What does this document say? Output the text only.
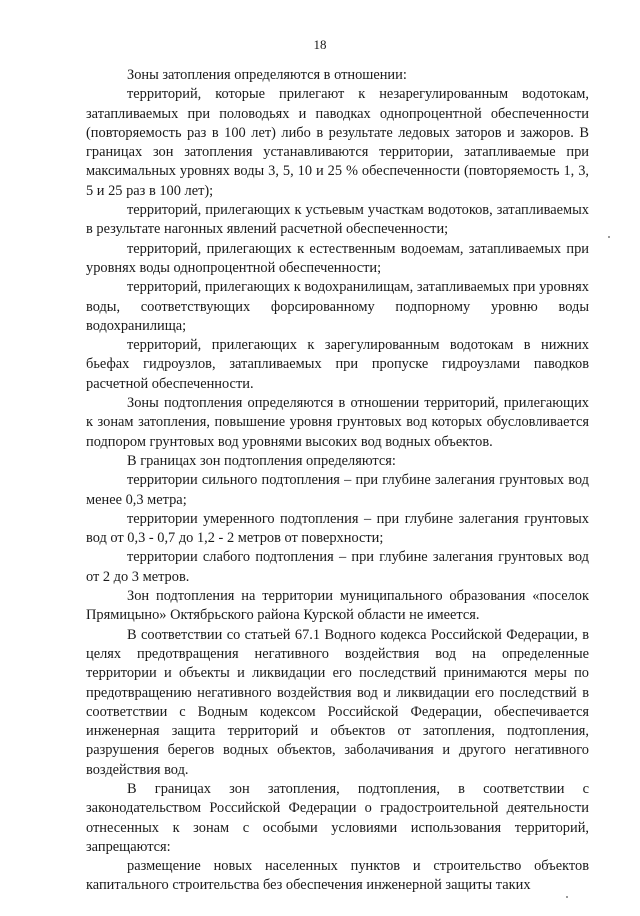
18

Зоны затопления определяются в отношении:

территорий, которые прилегают к незарегулированным водотокам, затапливаемых при половодьях и паводках однопроцентной обеспеченности (повторяемость раз в 100 лет) либо в результате ледовых заторов и зажоров. В границах зон затопления устанавливаются территории, затапливаемые при максимальных уровнях воды 3, 5, 10 и 25 % обеспеченности (повторяемость 1, 3, 5 и 25 раз в 100 лет);

территорий, прилегающих к устьевым участкам водотоков, затапливаемых в результате нагонных явлений расчетной обеспеченности;

территорий, прилегающих к естественным водоемам, затапливаемых при уровнях воды однопроцентной обеспеченности;

территорий, прилегающих к водохранилищам, затапливаемых при уровнях воды, соответствующих форсированному подпорному уровню воды водохранилища;

территорий, прилегающих к зарегулированным водотокам в нижних бьефах гидроузлов, затапливаемых при пропуске гидроузлами паводков расчетной обеспеченности.

Зоны подтопления определяются в отношении территорий, прилегающих к зонам затопления, повышение уровня грунтовых вод которых обусловливается подпором грунтовых вод уровнями высоких вод водных объектов.

В границах зон подтопления определяются:

территории сильного подтопления – при глубине залегания грунтовых вод менее 0,3 метра;

территории умеренного подтопления – при глубине залегания грунтовых вод от 0,3 - 0,7 до 1,2 - 2 метров от поверхности;

территории слабого подтопления – при глубине залегания грунтовых вод от 2 до 3 метров.

Зон подтопления на территории муниципального образования «поселок Прямицыно» Октябрьского района Курской области не имеется.

В соответствии со статьей 67.1 Водного кодекса Российской Федерации, в целях предотвращения негативного воздействия вод на определенные территории и объекты и ликвидации его последствий принимаются меры по предотвращению негативного воздействия вод и ликвидации его последствий в соответствии с Водным кодексом Российской Федерации, обеспечивается инженерная защита территорий и объектов от затопления, подтопления, разрушения берегов водных объектов, заболачивания и другого негативного воздействия вод.

В границах зон затопления, подтопления, в соответствии с законодательством Российской Федерации о градостроительной деятельности отнесенных к зонам с особыми условиями использования территорий, запрещаются:

размещение новых населенных пунктов и строительство объектов капитального строительства без обеспечения инженерной защиты таких
